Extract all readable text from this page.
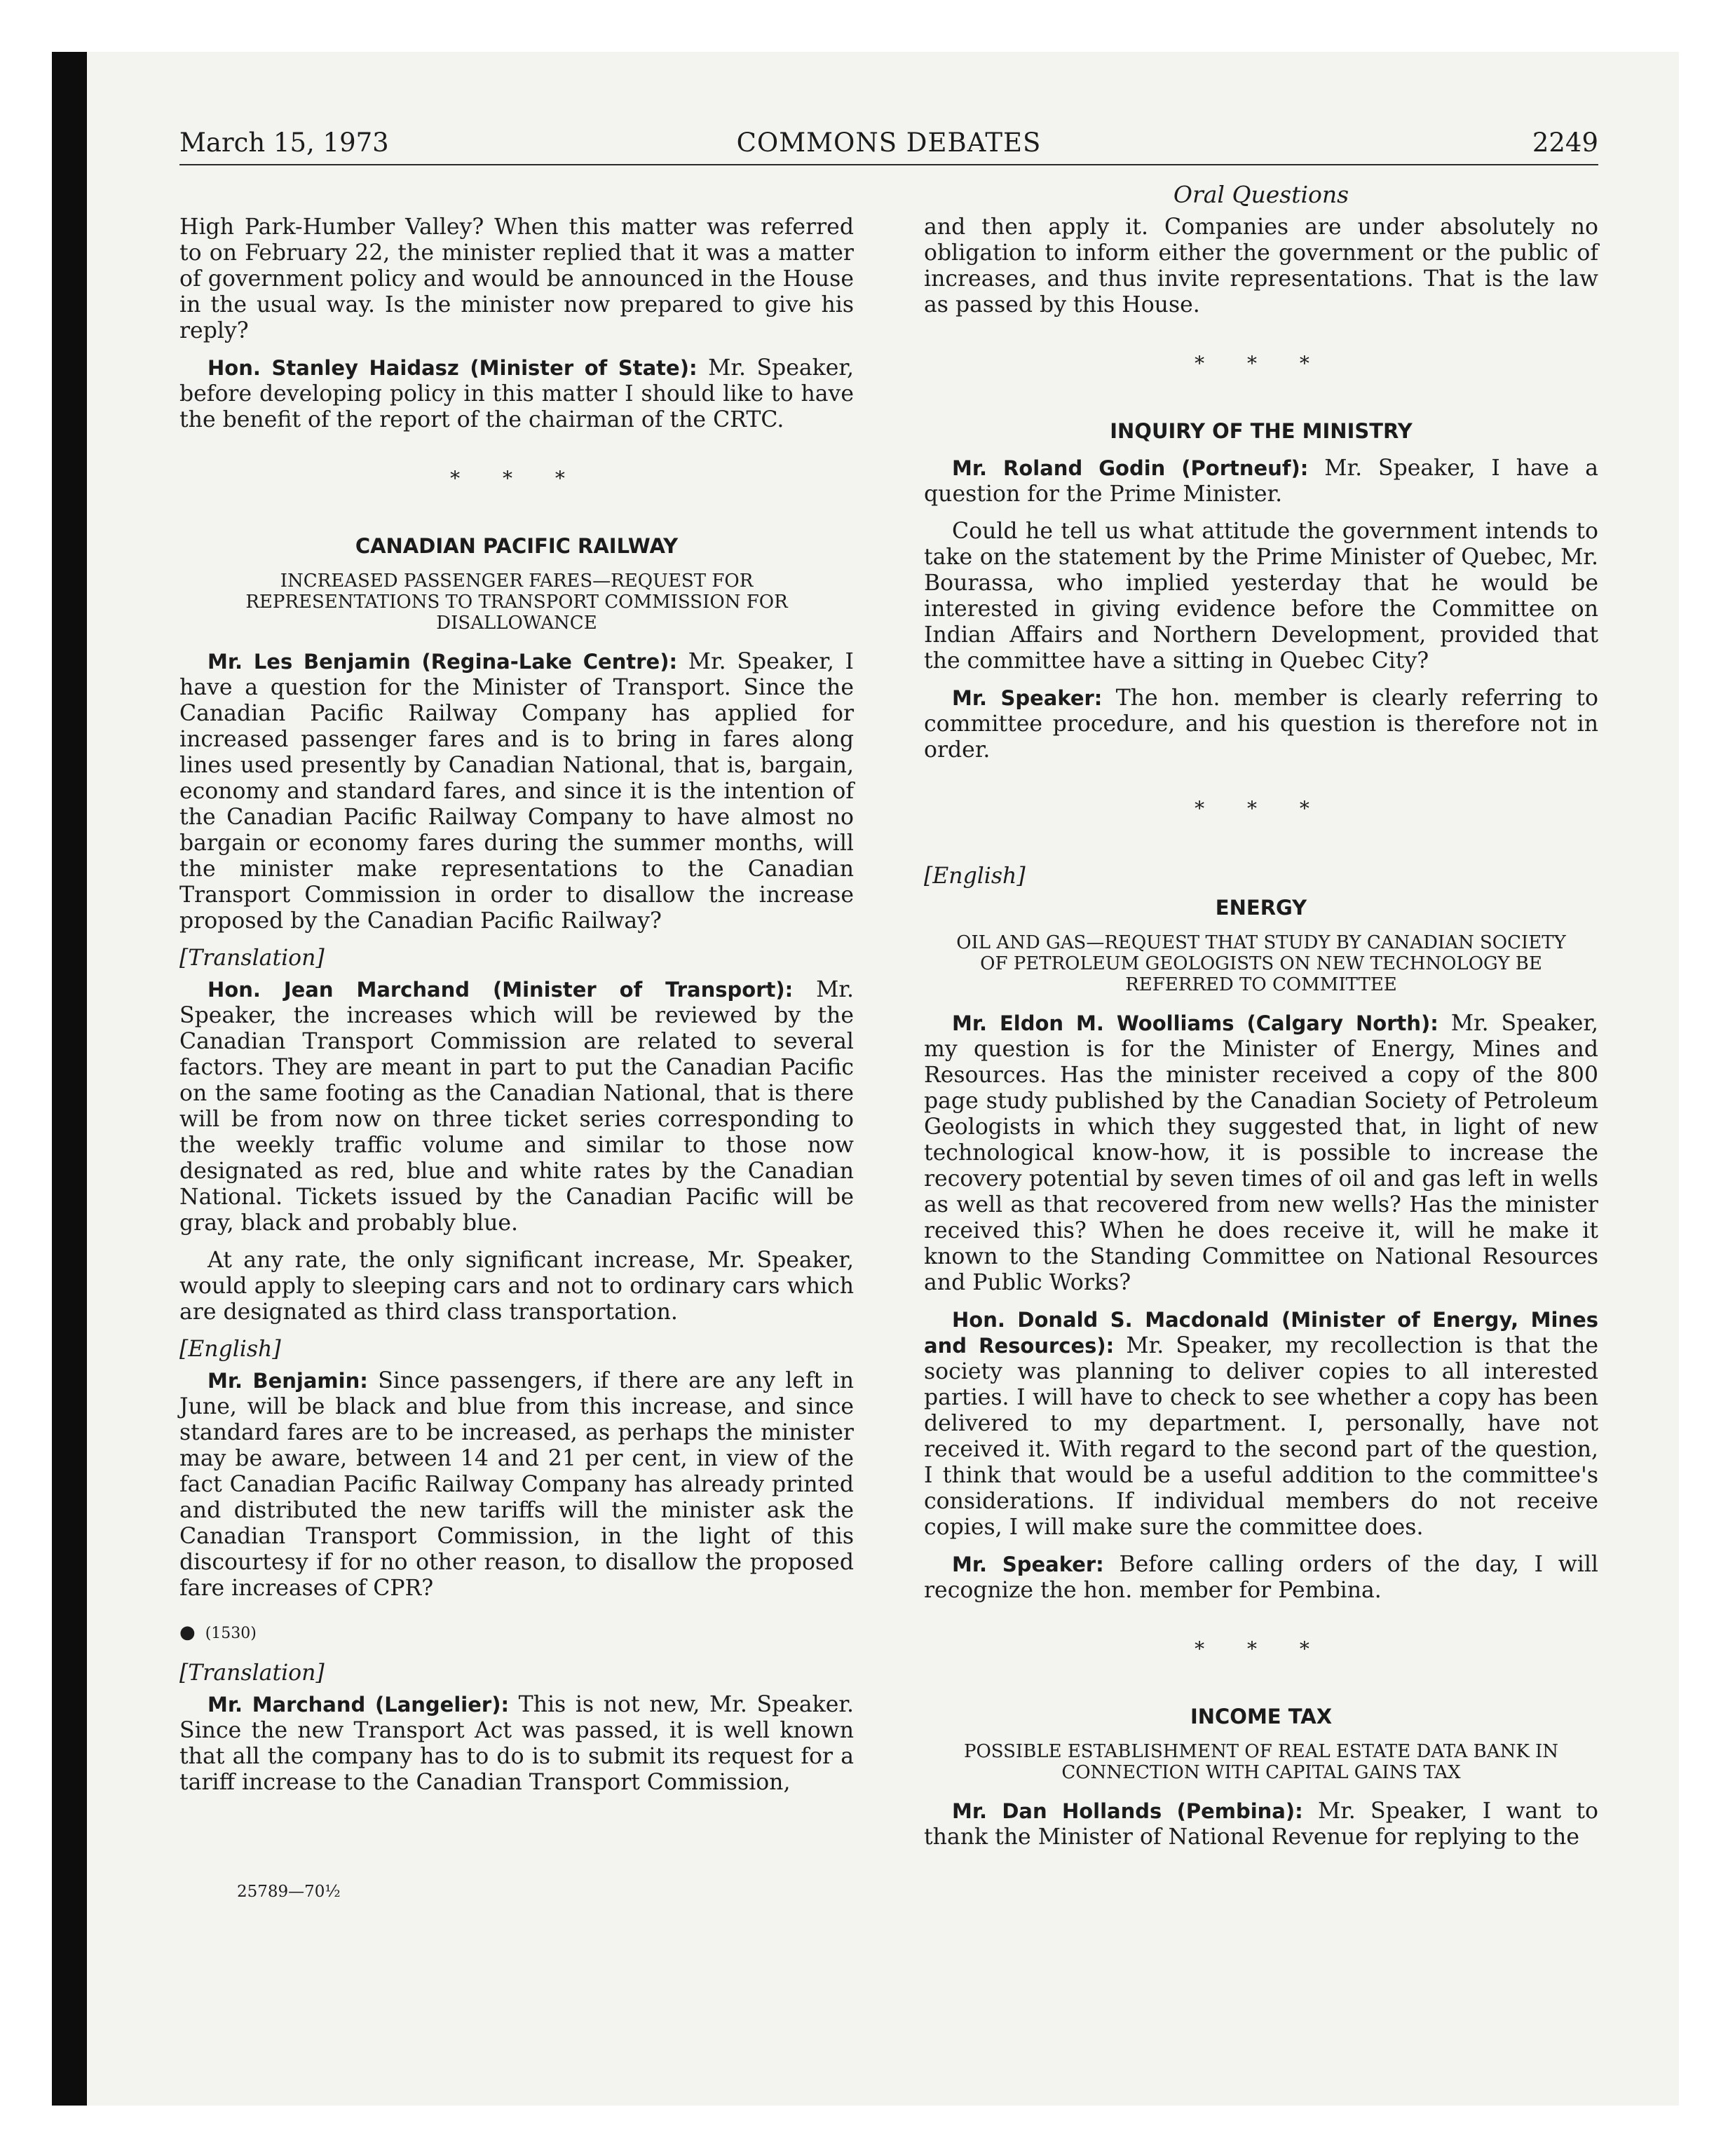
March 15, 1973	COMMONS DEBATES	2249
Oral Questions

High Park-Humber Valley? When this matter was referred to on February 22, the minister replied that it was a matter of government policy and would be announced in the House in the usual way. Is the minister now prepared to give his reply?

Hon. Stanley Haidasz (Minister of State): Mr. Speaker, before developing policy in this matter I should like to have the benefit of the report of the chairman of the CRTC.

* * *
CANADIAN PACIFIC RAILWAY
INCREASED PASSENGER FARES—REQUEST FOR REPRESENTATIONS TO TRANSPORT COMMISSION FOR DISALLOWANCE

Mr. Les Benjamin (Regina-Lake Centre): Mr. Speaker, I have a question for the Minister of Transport. Since the Canadian Pacific Railway Company has applied for increased passenger fares and is to bring in fares along lines used presently by Canadian National, that is, bargain, economy and standard fares, and since it is the intention of the Canadian Pacific Railway Company to have almost no bargain or economy fares during the summer months, will the minister make representations to the Canadian Transport Commission in order to disallow the increase proposed by the Canadian Pacific Railway?

[Translation]

Hon. Jean Marchand (Minister of Transport): Mr. Speaker, the increases which will be reviewed by the Canadian Transport Commission are related to several factors. They are meant in part to put the Canadian Pacific on the same footing as the Canadian National, that is there will be from now on three ticket series corresponding to the weekly traffic volume and similar to those now designated as red, blue and white rates by the Canadian National. Tickets issued by the Canadian Pacific will be gray, black and probably blue.

At any rate, the only significant increase, Mr. Speaker, would apply to sleeping cars and not to ordinary cars which are designated as third class transportation.

[English]

Mr. Benjamin: Since passengers, if there are any left in June, will be black and blue from this increase, and since standard fares are to be increased, as perhaps the minister may be aware, between 14 and 21 per cent, in view of the fact Canadian Pacific Railway Company has already printed and distributed the new tariffs will the minister ask the Canadian Transport Commission, in the light of this discourtesy if for no other reason, to disallow the proposed fare increases of CPR?

● (1530)
[Translation]

Mr. Marchand (Langelier): This is not new, Mr. Speaker. Since the new Transport Act was passed, it is well known that all the company has to do is to submit its request for a tariff increase to the Canadian Transport Commission,

and then apply it. Companies are under absolutely no obligation to inform either the government or the public of increases, and thus invite representations. That is the law as passed by this House.

* * *
INQUIRY OF THE MINISTRY

Mr. Roland Godin (Portneuf): Mr. Speaker, I have a question for the Prime Minister.

Could he tell us what attitude the government intends to take on the statement by the Prime Minister of Quebec, Mr. Bourassa, who implied yesterday that he would be interested in giving evidence before the Committee on Indian Affairs and Northern Development, provided that the committee have a sitting in Quebec City?

Mr. Speaker: The hon. member is clearly referring to committee procedure, and his question is therefore not in order.

* * *
[English]
ENERGY
OIL AND GAS—REQUEST THAT STUDY BY CANADIAN SOCIETY OF PETROLEUM GEOLOGISTS ON NEW TECHNOLOGY BE REFERRED TO COMMITTEE

Mr. Eldon M. Woolliams (Calgary North): Mr. Speaker, my question is for the Minister of Energy, Mines and Resources. Has the minister received a copy of the 800 page study published by the Canadian Society of Petroleum Geologists in which they suggested that, in light of new technological know-how, it is possible to increase the recovery potential by seven times of oil and gas left in wells as well as that recovered from new wells? Has the minister received this? When he does receive it, will he make it known to the Standing Committee on National Resources and Public Works?

Hon. Donald S. Macdonald (Minister of Energy, Mines and Resources): Mr. Speaker, my recollection is that the society was planning to deliver copies to all interested parties. I will have to check to see whether a copy has been delivered to my department. I, personally, have not received it. With regard to the second part of the question, I think that would be a useful addition to the committee's considerations. If individual members do not receive copies, I will make sure the committee does.

Mr. Speaker: Before calling orders of the day, I will recognize the hon. member for Pembina.

* * *
INCOME TAX
POSSIBLE ESTABLISHMENT OF REAL ESTATE DATA BANK IN CONNECTION WITH CAPITAL GAINS TAX

Mr. Dan Hollands (Pembina): Mr. Speaker, I want to thank the Minister of National Revenue for replying to the

25789—70½
